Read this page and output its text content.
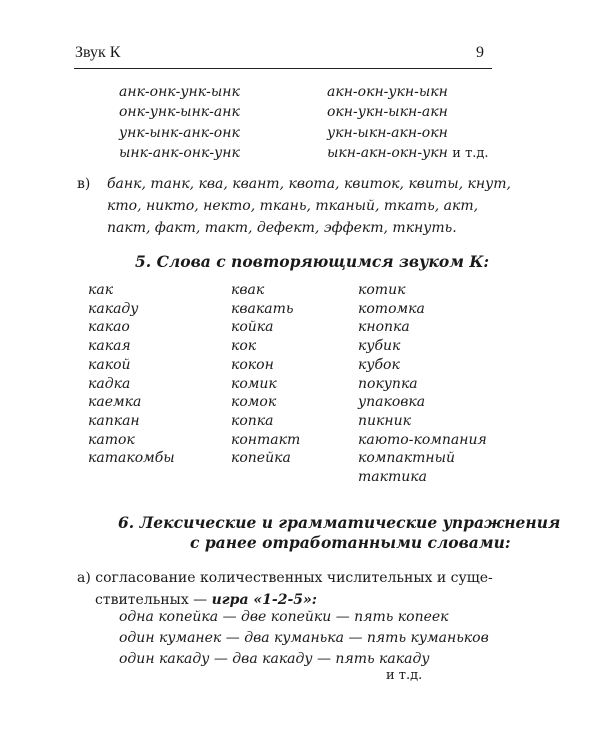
Звук К	9
анк-онк-унк-ынк
онк-унк-ынк-анк
унк-ынк-анк-онк
ынк-анк-онк-унк
акн-окн-укн-ыкн
окн-укн-ыкн-акн
укн-ыкн-акн-окн
ыкн-акн-окн-укн и т.д.
в) банк, танк, ква, квант, квота, квиток, квиты, кнут,
кто, никто, некто, ткань, тканый, ткать, акт,
пакт, факт, такт, дефект, эффект, ткнуть.
5. Слова с повторяющимся звуком К:
как
какаду
какао
какая
какой
кадка
каемка
капкан
каток
катакомбы
квак
квакать
койка
кок
кокон
комик
комок
копка
контакт
копейка
котик
котомка
кнопка
кубик
кубок
покупка
упаковка
пикник
каюто-компания
компактный
тактика
6. Лексические и грамматические упражнения
с ранее отработанными словами:
а) согласование количественных числительных и суще-
ствительных — игра «1-2-5»:
одна копейка — две копейки — пять копеек
один куманек — два куманька — пять куманьков
один какаду — два какаду — пять какаду
и т.д.
